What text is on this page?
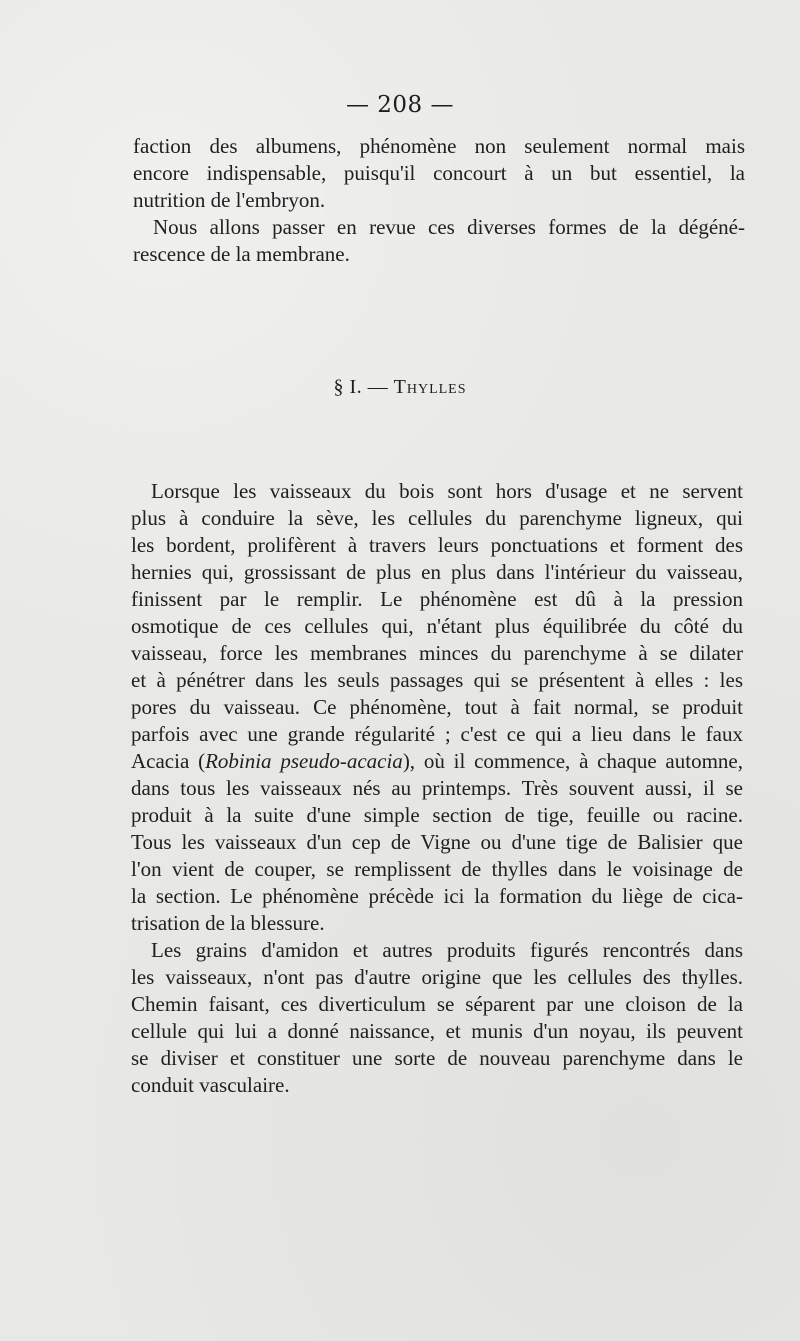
— 208 —

faction des albumens, phénomène non seulement normal mais
encore indispensable, puisqu'il concourt à un but essentiel, la
nutrition de l'embryon.

Nous allons passer en revue ces diverses formes de la dégéné-
rescence de la membrane.

§ I. — Thylles

Lorsque les vaisseaux du bois sont hors d'usage et ne servent
plus à conduire la sève, les cellules du parenchyme ligneux, qui
les bordent, prolifèrent à travers leurs ponctuations et forment des
hernies qui, grossissant de plus en plus dans l'intérieur du vaisseau,
finissent par le remplir. Le phénomène est dû à la pression
osmotique de ces cellules qui, n'étant plus équilibrée du côté du
vaisseau, force les membranes minces du parenchyme à se dilater
et à pénétrer dans les seuls passages qui se présentent à elles : les
pores du vaisseau. Ce phénomène, tout à fait normal, se produit
parfois avec une grande régularité ; c'est ce qui a lieu dans le faux
Acacia (Robinia pseudo-acacia), où il commence, à chaque automne,
dans tous les vaisseaux nés au printemps. Très souvent aussi, il se
produit à la suite d'une simple section de tige, feuille ou racine.
Tous les vaisseaux d'un cep de Vigne ou d'une tige de Balisier que
l'on vient de couper, se remplissent de thylles dans le voisinage de
la section. Le phénomène précède ici la formation du liège de cica-
trisation de la blessure.

Les grains d'amidon et autres produits figurés rencontrés dans
les vaisseaux, n'ont pas d'autre origine que les cellules des thylles.
Chemin faisant, ces diverticulum se séparent par une cloison de la
cellule qui lui a donné naissance, et munis d'un noyau, ils peuvent
se diviser et constituer une sorte de nouveau parenchyme dans le
conduit vasculaire.
